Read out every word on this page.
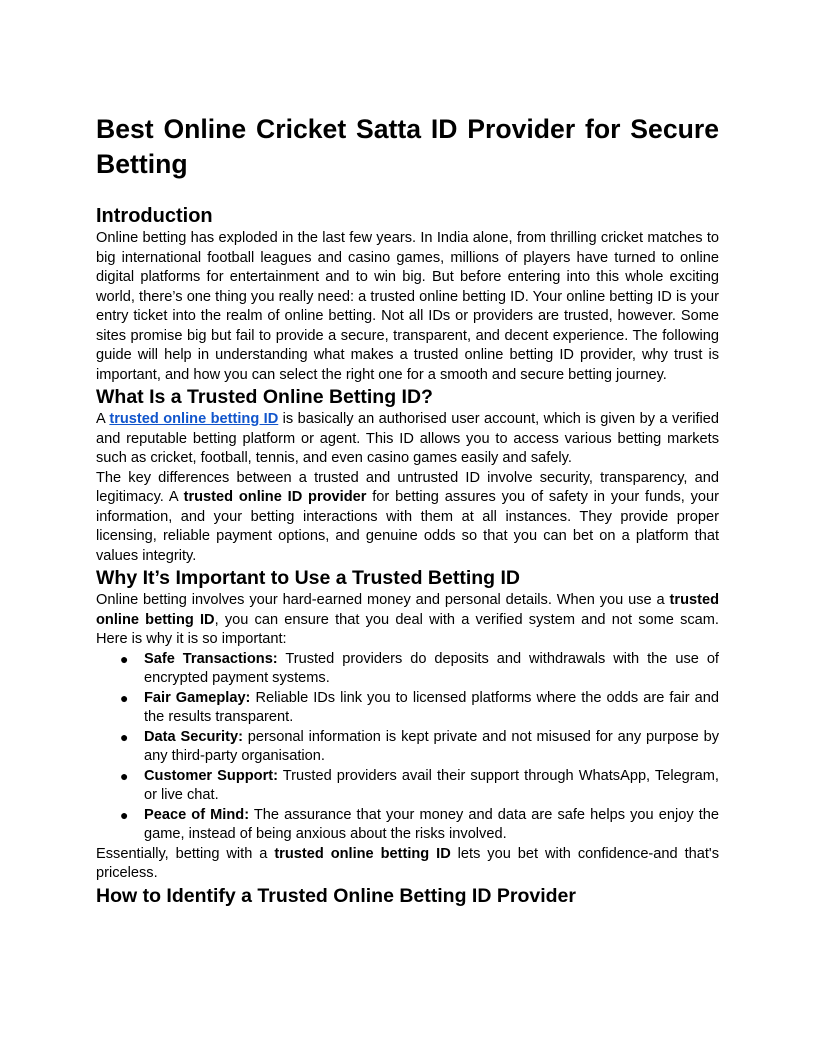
Best Online Cricket Satta ID Provider for Secure Betting
Introduction

Online betting has exploded in the last few years. In India alone, from thrilling cricket matches to big international football leagues and casino games, millions of players have turned to online digital platforms for entertainment and to win big. But before entering into this whole exciting world, there’s one thing you really need: a trusted online betting ID. Your online betting ID is your entry ticket into the realm of online betting. Not all IDs or providers are trusted, however. Some sites promise big but fail to provide a secure, transparent, and decent experience. The following guide will help in understanding what makes a trusted online betting ID provider, why trust is important, and how you can select the right one for a smooth and secure betting journey.

What Is a Trusted Online Betting ID?

A trusted online betting ID is basically an authorised user account, which is given by a verified and reputable betting platform or agent. This ID allows you to access various betting markets such as cricket, football, tennis, and even casino games easily and safely.

The key differences between a trusted and untrusted ID involve security, transparency, and legitimacy. A trusted online ID provider for betting assures you of safety in your funds, your information, and your betting interactions with them at all instances. They provide proper licensing, reliable payment options, and genuine odds so that you can bet on a platform that values integrity.

Why It’s Important to Use a Trusted Betting ID

Online betting involves your hard-earned money and personal details. When you use a trusted online betting ID, you can ensure that you deal with a verified system and not some scam. Here is why it is so important:

● Safe Transactions: Trusted providers do deposits and withdrawals with the use of encrypted payment systems.
● Fair Gameplay: Reliable IDs link you to licensed platforms where the odds are fair and the results transparent.
● Data Security: personal information is kept private and not misused for any purpose by any third-party organisation.
● Customer Support: Trusted providers avail their support through WhatsApp, Telegram, or live chat.
● Peace of Mind: The assurance that your money and data are safe helps you enjoy the game, instead of being anxious about the risks involved.

Essentially, betting with a trusted online betting ID lets you bet with confidence-and that's priceless.

How to Identify a Trusted Online Betting ID Provider
